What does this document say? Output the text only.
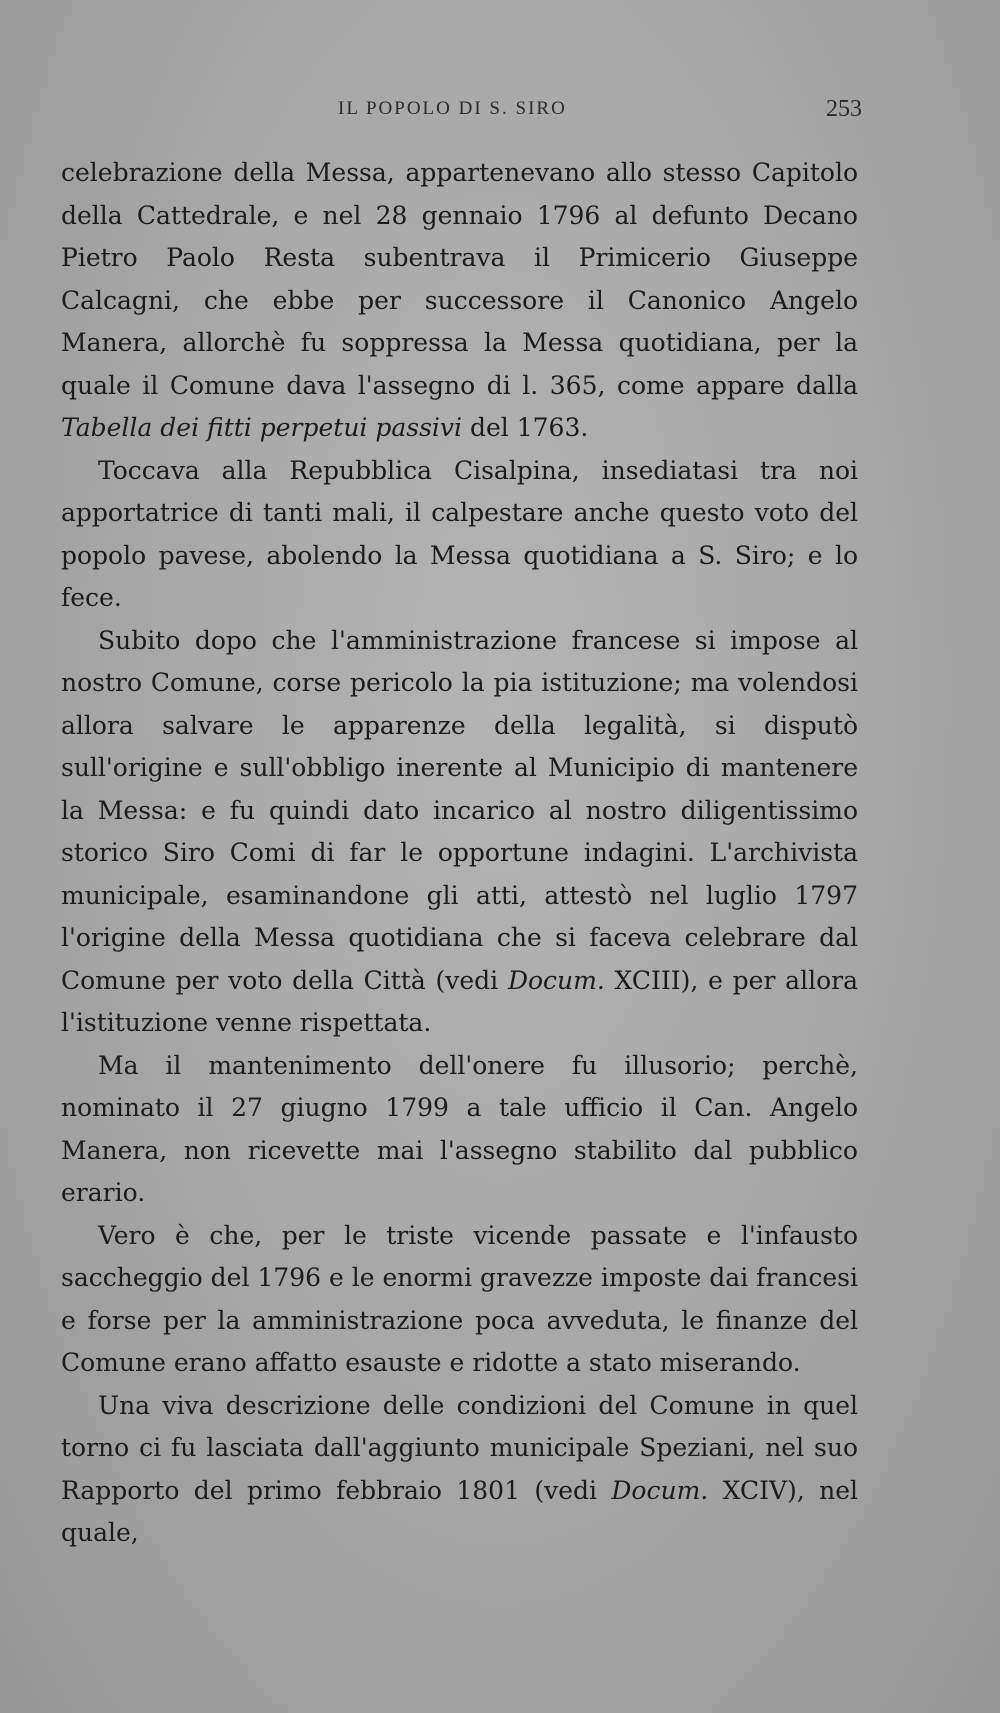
IL POPOLO DI S. SIRO	253

celebrazione della Messa, appartenevano allo stesso Capitolo della Cattedrale, e nel 28 gennaio 1796 al defunto Decano Pietro Paolo Resta subentrava il Primicerio Giuseppe Calcagni, che ebbe per successore il Canonico Angelo Manera, allorchè fu soppressa la Messa quotidiana, per la quale il Comune dava l'assegno di l. 365, come appare dalla Tabella dei fitti perpetui passivi del 1763.

Toccava alla Repubblica Cisalpina, insediatasi tra noi apportatrice di tanti mali, il calpestare anche questo voto del popolo pavese, abolendo la Messa quotidiana a S. Siro; e lo fece.

Subito dopo che l'amministrazione francese si impose al nostro Comune, corse pericolo la pia istituzione; ma volendosi allora salvare le apparenze della legalità, si disputò sull'origine e sull'obbligo inerente al Municipio di mantenere la Messa: e fu quindi dato incarico al nostro diligentissimo storico Siro Comi di far le opportune indagini. L'archivista municipale, esaminandone gli atti, attestò nel luglio 1797 l'origine della Messa quotidiana che si faceva celebrare dal Comune per voto della Città (vedi Docum. XCIII), e per allora l'istituzione venne rispettata.

Ma il mantenimento dell'onere fu illusorio; perchè, nominato il 27 giugno 1799 a tale ufficio il Can. Angelo Manera, non ricevette mai l'assegno stabilito dal pubblico erario.

Vero è che, per le triste vicende passate e l'infausto saccheggio del 1796 e le enormi gravezze imposte dai francesi e forse per la amministrazione poca avveduta, le finanze del Comune erano affatto esauste e ridotte a stato miserando.

Una viva descrizione delle condizioni del Comune in quel torno ci fu lasciata dall'aggiunto municipale Speziani, nel suo Rapporto del primo febbraio 1801 (vedi Docum. XCIV), nel quale,
